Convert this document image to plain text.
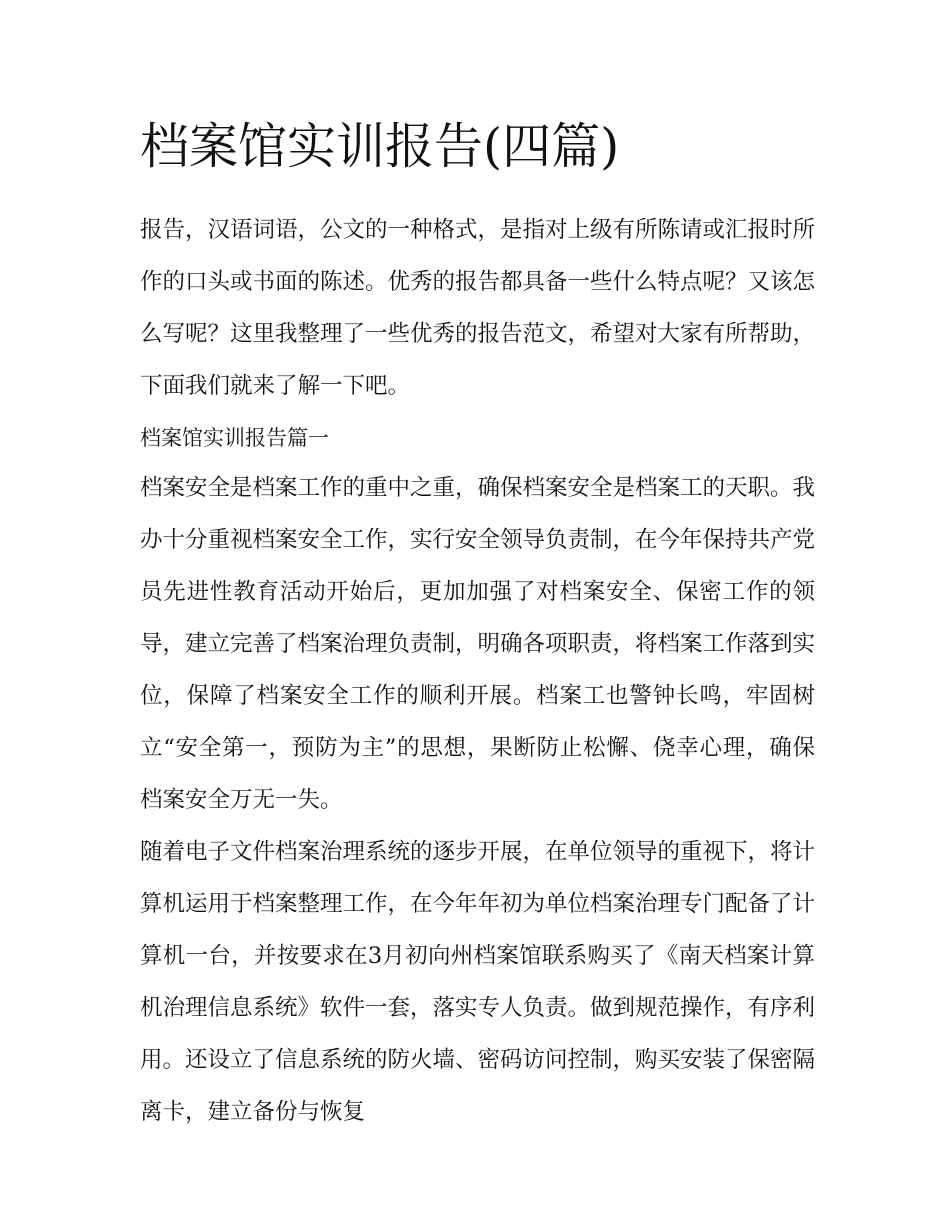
档案馆实训报告(四篇)

报告，汉语词语，公文的一种格式，是指对上级有所陈请或汇报时所作的口头或书面的陈述。优秀的报告都具备一些什么特点呢？又该怎么写呢？这里我整理了一些优秀的报告范文，希望对大家有所帮助，下面我们就来了解一下吧。

档案馆实训报告篇一

档案安全是档案工作的重中之重，确保档案安全是档案工的天职。我办十分重视档案安全工作，实行安全领导负责制，在今年保持共产党员先进性教育活动开始后，更加加强了对档案安全、保密工作的领导，建立完善了档案治理负责制，明确各项职责，将档案工作落到实位，保障了档案安全工作的顺利开展。档案工也警钟长鸣，牢固树立“安全第一，预防为主”的思想，果断防止松懈、侥幸心理，确保档案安全万无一失。

随着电子文件档案治理系统的逐步开展，在单位领导的重视下，将计算机运用于档案整理工作，在今年年初为单位档案治理专门配备了计算机一台，并按要求在3月初向州档案馆联系购买了《南天档案计算机治理信息系统》软件一套，落实专人负责。做到规范操作，有序利用。还设立了信息系统的防火墙、密码访问控制，购买安装了保密隔离卡，建立备份与恢复
